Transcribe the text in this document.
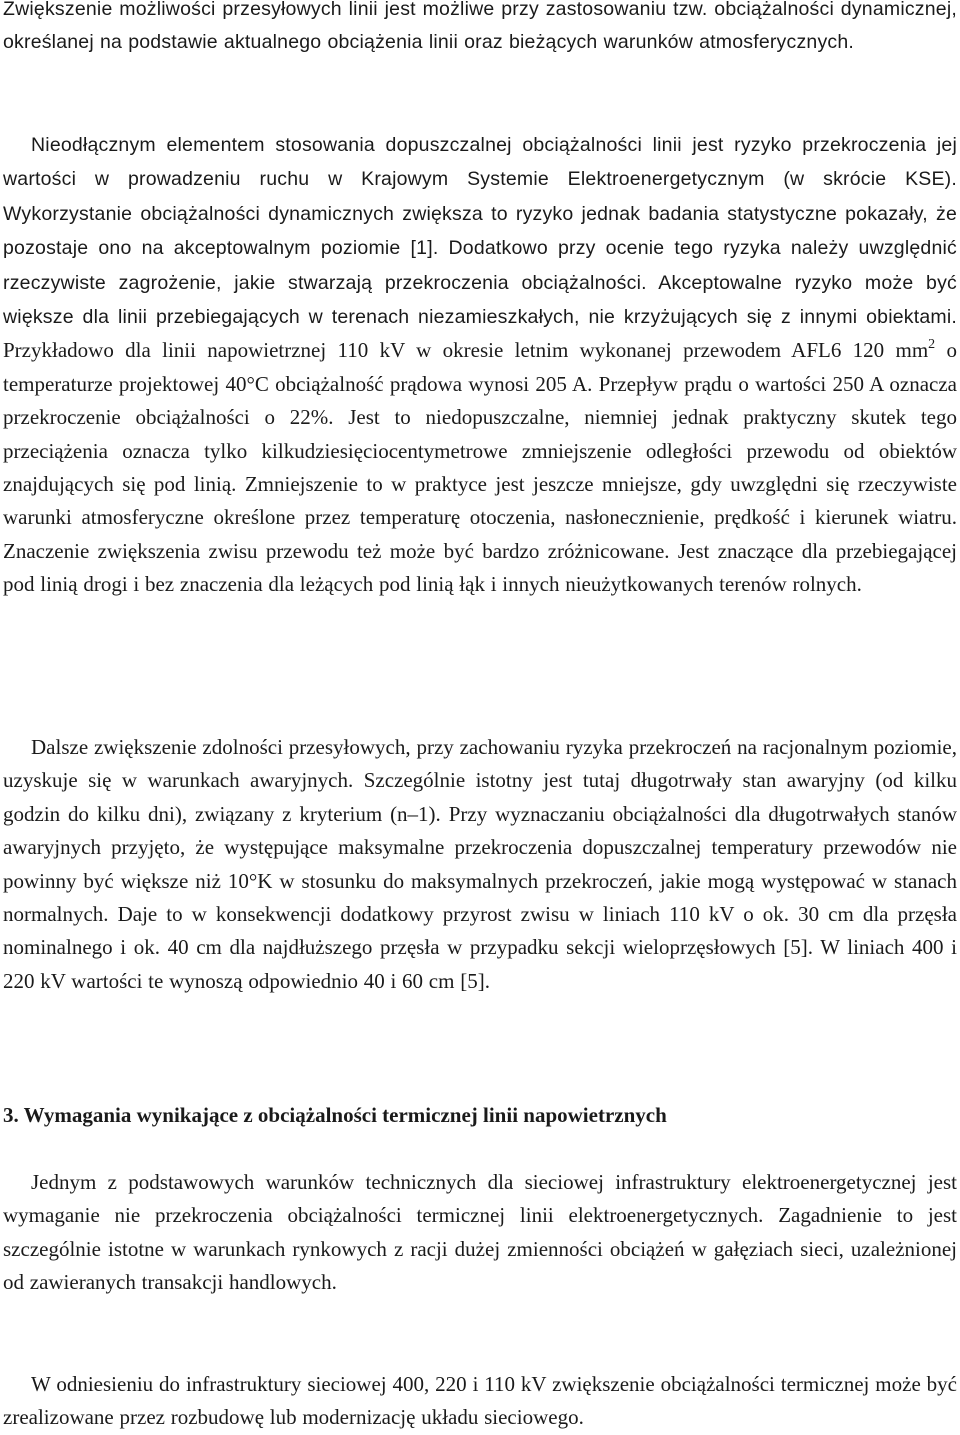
Zwiększenie możliwości przesyłowych linii jest możliwe przy zastosowaniu tzw. obciążalności dynamicznej, określanej na podstawie aktualnego obciążenia linii oraz bieżących warunków atmosferycznych.

Nieodłącznym elementem stosowania dopuszczalnej obciążalności linii jest ryzyko przekroczenia jej wartości w prowadzeniu ruchu w Krajowym Systemie Elektroenergetycznym (w skrócie KSE). Wykorzystanie obciążalności dynamicznych zwiększa to ryzyko jednak badania statystyczne pokazały, że pozostaje ono na akceptowalnym poziomie [1]. Dodatkowo przy ocenie tego ryzyka należy uwzględnić rzeczywiste zagrożenie, jakie stwarzają przekroczenia obciążalności. Akceptowalne ryzyko może być większe dla linii przebiegających w terenach niezamieszkałych, nie krzyżujących się z innymi obiektami. Przykładowo dla linii napowietrznej 110 kV w okresie letnim wykonanej przewodem AFL6 120 $mm^2$ o temperaturze projektowej 40°C obciążalność prądowa wynosi 205 A. Przepływ prądu o wartości 250 A oznacza przekroczenie obciążalności o 22%. Jest to niedopuszczalne, niemniej jednak praktyczny skutek tego przeciążenia oznacza tylko kilkudziesięciocentymetrowe zmniejszenie odległości przewodu od obiektów znajdujących się pod linią. Zmniejszenie to w praktyce jest jeszcze mniejsze, gdy uwzględni się rzeczywiste warunki atmosferyczne określone przez temperaturę otoczenia, nasłonecznienie, prędkość i kierunek wiatru. Znaczenie zwiększenia zwisu przewodu też może być bardzo zróżnicowane. Jest znaczące dla przebiegającej pod linią drogi i bez znaczenia dla leżących pod linią łąk i innych nieużytkowanych terenów rolnych.

Dalsze zwiększenie zdolności przesyłowych, przy zachowaniu ryzyka przekroczeń na racjonalnym poziomie, uzyskuje się w warunkach awaryjnych. Szczególnie istotny jest tutaj długotrwały stan awaryjny (od kilku godzin do kilku dni), związany z kryterium (n–1). Przy wyznaczaniu obciążalności dla długotrwałych stanów awaryjnych przyjęto, że występujące maksymalne przekroczenia dopuszczalnej temperatury przewodów nie powinny być większe niż 10°K w stosunku do maksymalnych przekroczeń, jakie mogą występować w stanach normalnych. Daje to w konsekwencji dodatkowy przyrost zwisu w liniach 110 kV o ok. 30 cm dla przęsła nominalnego i ok. 40 cm dla najdłuższego przęsła w przypadku sekcji wieloprzęsłowych [5]. W liniach 400 i 220 kV wartości te wynoszą odpowiednio 40 i 60 cm [5].

3. Wymagania wynikające z obciążalności termicznej linii napowietrznych

Jednym z podstawowych warunków technicznych dla sieciowej infrastruktury elektroenergetycznej jest wymaganie nie przekroczenia obciążalności termicznej linii elektroenergetycznych. Zagadnienie to jest szczególnie istotne w warunkach rynkowych z racji dużej zmienności obciążeń w gałęziach sieci, uzależnionej od zawieranych transakcji handlowych.

W odniesieniu do infrastruktury sieciowej 400, 220 i 110 kV zwiększenie obciążalności termicznej może być zrealizowane przez rozbudowę lub modernizację układu sieciowego.
